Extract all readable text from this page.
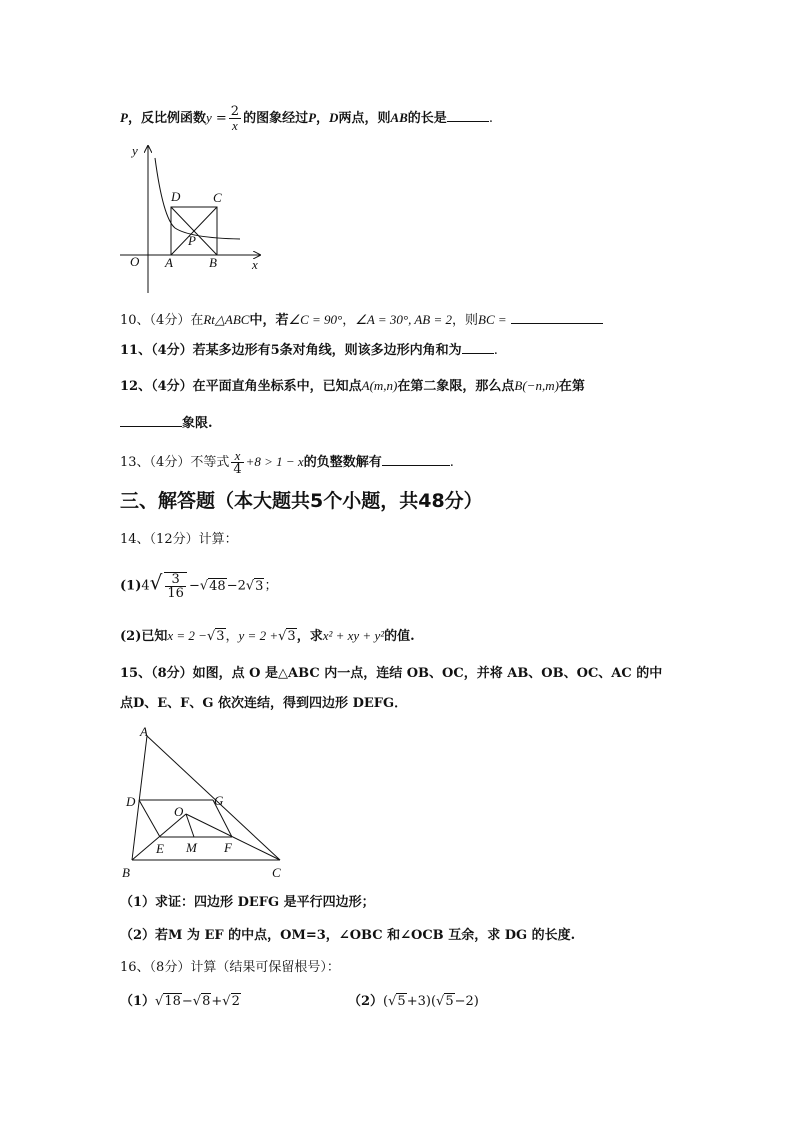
P，反比例函数$y = \frac{2}{x}$ 的图象经过P，D两点，则AB的长是	.
y
x
O A	B
C
D
P
10、（4分）在Rt△ABC中，若∠C = 90°，∠A = 30°, AB = 2，则BC =
11、（4分）若某多边形有5条对角线，则该多边形内角和为 .
12、（4分）在平面直角坐标系中，已知点A(m,n)在第二象限，那么点B(−n,m)在第
象限.
13、（4分）不等式 $\frac{x}{4} +8 > 1 - x$的负整数解有	.
三、解答题（本大题共5个小题，共48分）
14、（12分）计算：
$(1)4√ \frac{3}{16} -√48-2√3$；
(2)已知x = 2 −√3，y = 2 +√3，求x² + xy + y²的值.
15、（8分）如图，点 O 是△ABC 内一点，连结 OB、OC，并将 AB、OB、OC、AC 的中
点D、E、F、G 依次连结，得到四边形 DEFG．
A
B	C
D	G
O
E M F
（1）求证：四边形 DEFG 是平行四边形；
（2）若M 为 EF 的中点，OM=3，∠OBC 和∠OCB 互余，求 DG 的长度.
16、（8分）计算（结果可保留根号）：
（1）√18−√8+√2	（2）(√5+3)(√5−2)
